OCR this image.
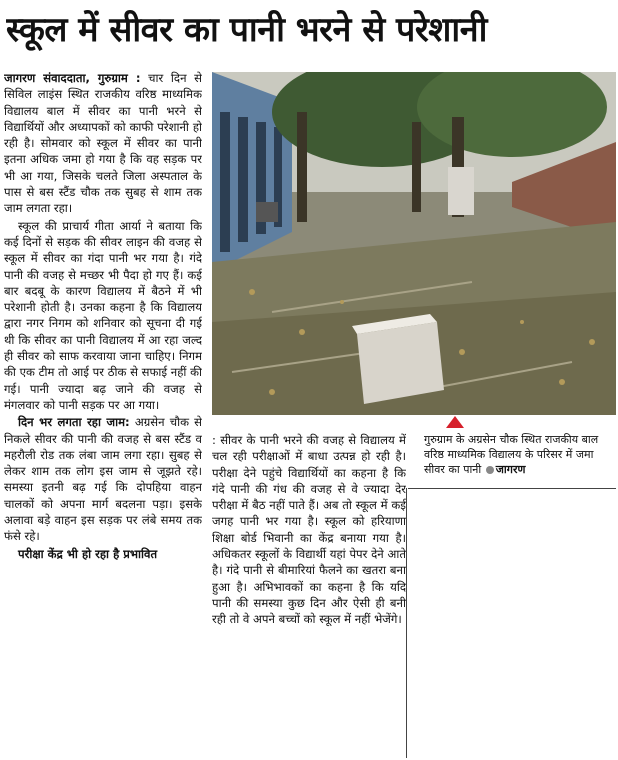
स्कूल में सीवर का पानी भरने से परेशानी

जागरण संवाददाता, गुरुग्राम : चार दिन से सिविल लाइंस स्थित राजकीय वरिष्ठ माध्यमिक विद्यालय बाल में सीवर का पानी भरने से विद्यार्थियों और अध्यापकों को काफी परेशानी हो रही है। सोमवार को स्कूल में सीवर का पानी इतना अधिक जमा हो गया है कि वह सड़क पर भी आ गया, जिसके चलते जिला अस्पताल के पास से बस स्टैंड चौक तक सुबह से शाम तक जाम लगता रहा।

स्कूल की प्राचार्य गीता आर्या ने बताया कि कई दिनों से सड़क की सीवर लाइन की वजह से स्कूल में सीवर का गंदा पानी भर गया है। गंदे पानी की वजह से मच्छर भी पैदा हो गए हैं। कई बार बदबू के कारण विद्यालय में बैठने में भी परेशानी होती है। उनका कहना है कि विद्यालय द्वारा नगर निगम को शनिवार को सूचना दी गई थी कि सीवर का पानी विद्यालय में आ रहा जल्द ही सीवर को साफ करवाया जाना चाहिए। निगम की एक टीम तो आई पर ठीक से सफाई नहीं की गई। पानी ज्यादा बढ़ जाने की वजह से मंगलवार को पानी सड़क पर आ गया।

दिन भर लगता रहा जाम: अग्रसेन चौक से निकले सीवर की पानी की वजह से बस स्टैंड व महरौली रोड तक लंबा जाम लगा रहा। सुबह से लेकर शाम तक लोग इस जाम से जूझते रहे। समस्या इतनी बढ़ गई कि दोपहिया वाहन चालकों को अपना मार्ग बदलना पड़ा। इसके अलावा बड़े वाहन इस सड़क पर लंबे समय तक फंसे रहे।

परीक्षा केंद्र भी हो रहा है प्रभावित

गुरुग्राम के अग्रसेन चौक स्थित राजकीय बाल वरिष्ठ माध्यमिक विद्यालय के परिसर में जमा सीवर का पानी जागरण

: सीवर के पानी भरने की वजह से विद्यालय में चल रही परीक्षाओं में बाधा उत्पन्न हो रही है। परीक्षा देने पहुंचे विद्यार्थियों का कहना है कि गंदे पानी की गंध की वजह से वे ज्यादा देर परीक्षा में बैठ नहीं पाते हैं। अब तो स्कूल में कई जगह पानी भर गया है। स्कूल को हरियाणा शिक्षा बोर्ड भिवानी का केंद्र बनाया गया है। अधिकतर स्कूलों के विद्यार्थी यहां पेपर देने आते है। गंदे पानी से बीमारियां फैलने का खतरा बना हुआ है। अभिभावकों का कहना है कि यदि पानी की समस्या कुछ दिन और ऐसी ही बनी रही तो वे अपने बच्चों को स्कूल में नहीं भेजेंगे।
